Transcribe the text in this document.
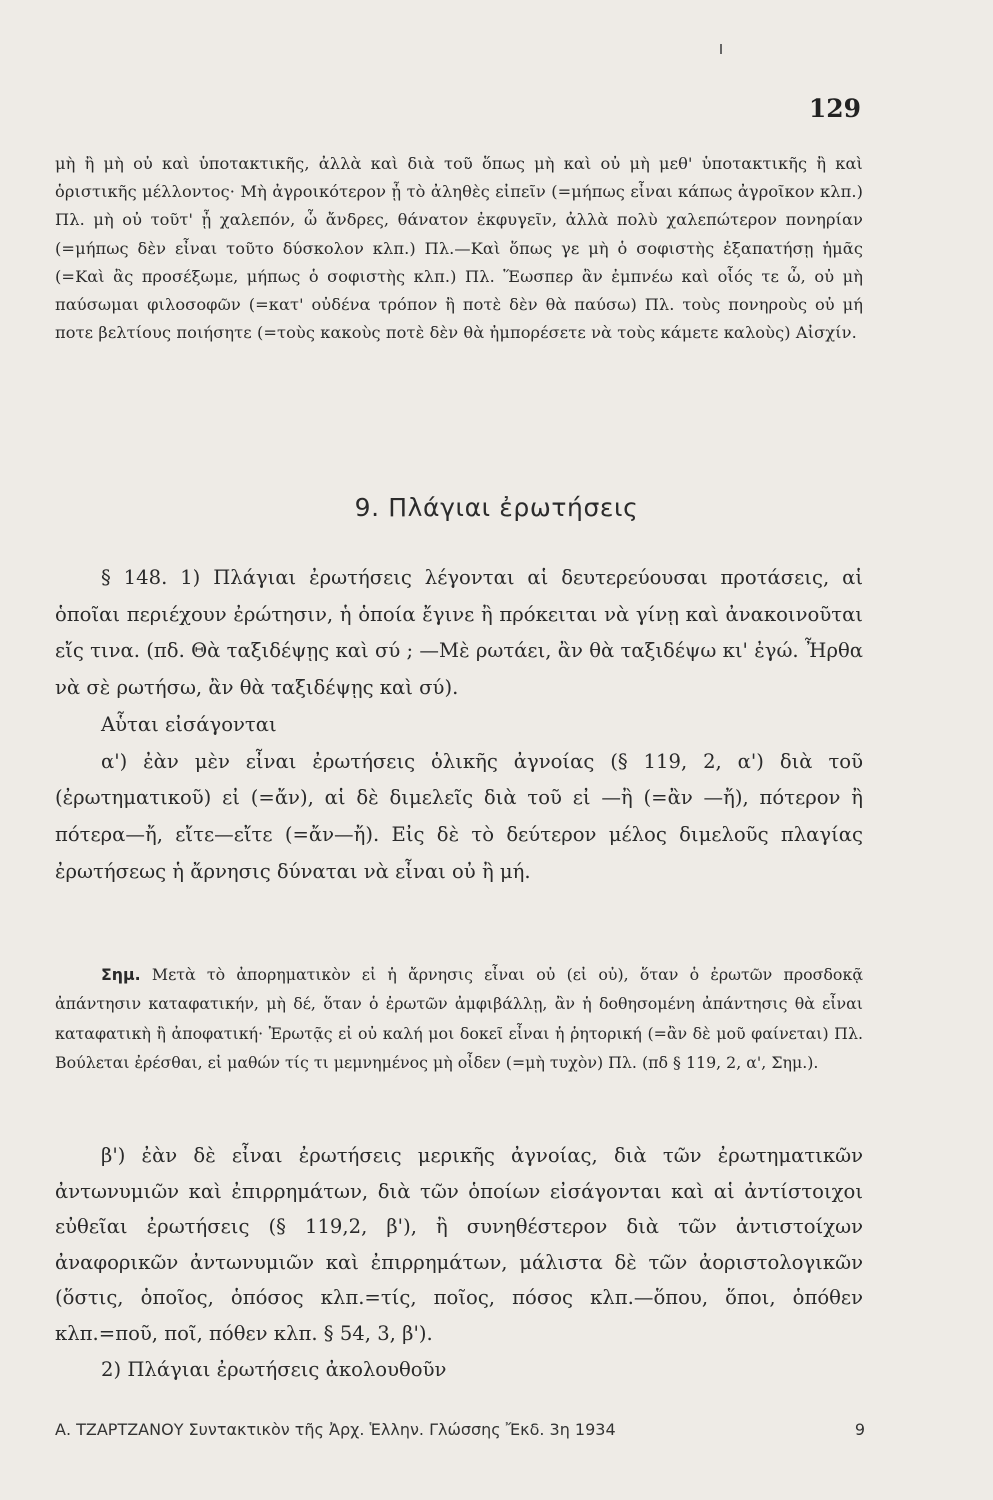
129

μὴ ἢ μὴ οὐ καὶ ὑποτακτικῆς, ἀλλὰ καὶ διὰ τοῦ ὅπως μὴ καὶ οὐ μὴ μεθ' ὑποτακτικῆς ἢ καὶ ὁριστικῆς μέλλοντος· Μὴ ἀγροικότερον ᾖ τὸ ἀληθὲς εἰπεῖν (=μήπως εἶναι κάπως ἀγροῖκον κλπ.) Πλ. μὴ οὐ τοῦτ' ᾖ χαλεπόν, ὦ ἄνδρες, θάνατον ἐκφυγεῖν, ἀλλὰ πολὺ χαλεπώτερον πονηρίαν (=μήπως δὲν εἶναι τοῦτο δύσκολον κλπ.) Πλ.—Καὶ ὅπως γε μὴ ὁ σοφιστὴς ἐξαπατήσῃ ἡμᾶς (=Καὶ ἂς προσέξωμε, μήπως ὁ σοφιστὴς κλπ.) Πλ. Ἕωσπερ ἂν ἐμπνέω καὶ οἷός τε ὦ, οὐ μὴ παύσωμαι φιλοσοφῶν (=κατ' οὐδένα τρόπον ἢ ποτὲ δὲν θὰ παύσω) Πλ. τοὺς πονηροὺς οὐ μή ποτε βελτίους ποιήσητε (=τοὺς κακοὺς ποτὲ δὲν θὰ ἠμπορέσετε νὰ τοὺς κάμετε καλοὺς) Αἰσχίν.

9. Πλάγιαι ἐρωτήσεις

§ 148. 1) Πλάγιαι ἐρωτήσεις λέγονται αἱ δευτερεύουσαι προτάσεις, αἱ ὁποῖαι περιέχουν ἐρώτησιν, ἡ ὁποία ἔγινε ἢ πρόκειται νὰ γίνῃ καὶ ἀνακοινοῦται εἴς τινα. (πδ. Θὰ ταξιδέψῃς καὶ σύ ; —Μὲ ρωτάει, ἂν θὰ ταξιδέψω κι' ἐγώ. Ἦρθα νὰ σὲ ρωτήσω, ἂν θὰ ταξιδέψῃς καὶ σύ).

Αὗται εἰσάγονται

α') ἐὰν μὲν εἶναι ἐρωτήσεις ὁλικῆς ἀγνοίας (§ 119, 2, α') διὰ τοῦ (ἐρωτηματικοῦ) εἰ (=ἄν), αἱ δὲ διμελεῖς διὰ τοῦ εἰ —ἢ (=ἂν —ἤ), πότερον ἢ πότερα—ἤ, εἴτε—εἴτε (=ἄν—ἤ). Εἰς δὲ τὸ δεύτερον μέλος διμελοῦς πλαγίας ἐρωτήσεως ἡ ἄρνησις δύναται νὰ εἶναι οὐ ἢ μή.

Σημ. Μετὰ τὸ ἀπορηματικὸν εἰ ἡ ἄρνησις εἶναι οὐ (εἰ οὐ), ὅταν ὁ ἐρωτῶν προσδοκᾷ ἀπάντησιν καταφατικήν, μὴ δέ, ὅταν ὁ ἐρωτῶν ἀμφιβάλλῃ, ἂν ἡ δοθησομένη ἀπάντησις θὰ εἶναι καταφατικὴ ἢ ἀποφατική· Ἐρωτᾷς εἰ οὐ καλή μοι δοκεῖ εἶναι ἡ ῥητορική (=ἂν δὲ μοῦ φαίνεται) Πλ. Βούλεται ἐρέσθαι, εἰ μαθών τίς τι μεμνημένος μὴ οἶδεν (=μὴ τυχὸν) Πλ. (πδ § 119, 2, α', Σημ.).

β') ἐὰν δὲ εἶναι ἐρωτήσεις μερικῆς ἀγνοίας, διὰ τῶν ἐρωτηματικῶν ἀντωνυμιῶν καὶ ἐπιρρημάτων, διὰ τῶν ὁποίων εἰσάγονται καὶ αἱ ἀντίστοιχοι εὐθεῖαι ἐρωτήσεις (§ 119,2, β'), ἢ συνηθέστερον διὰ τῶν ἀντιστοίχων ἀναφορικῶν ἀντωνυμιῶν καὶ ἐπιρρημάτων, μάλιστα δὲ τῶν ἀοριστολογικῶν (ὅστις, ὁποῖος, ὁπόσος κλπ.=τίς, ποῖος, πόσος κλπ.—ὅπου, ὅποι, ὁπόθεν κλπ.=ποῦ, ποῖ, πόθεν κλπ. § 54, 3, β').

2) Πλάγιαι ἐρωτήσεις ἀκολουθοῦν

Α. ΤΖΑΡΤΖΑΝΟΥ Συντακτικὸν τῆς Ἀρχ. Ἑλλην. Γλώσσης Ἔκδ. 3η 1934	9
